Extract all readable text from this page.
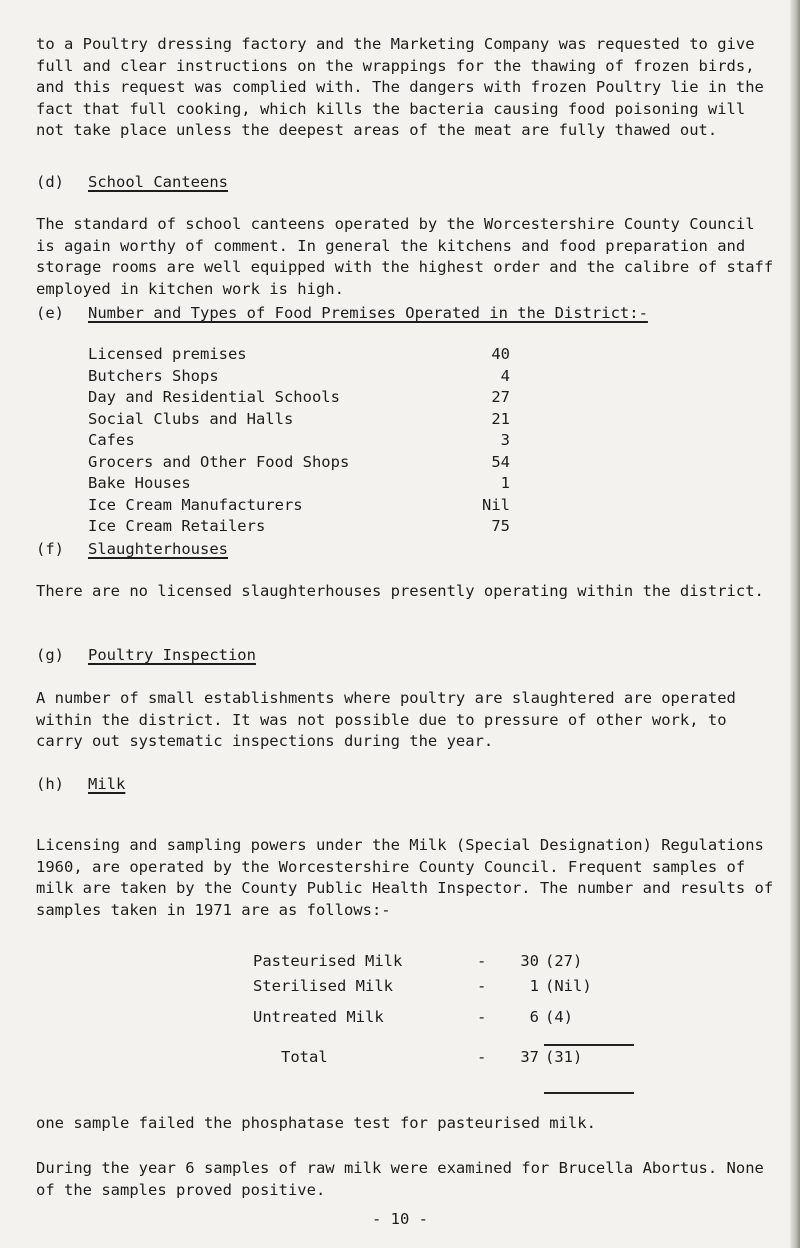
to a Poultry dressing factory and the Marketing Company was requested to give full and clear instructions on the wrappings for the thawing of frozen birds, and this request was complied with. The dangers with frozen Poultry lie in the fact that full cooking, which kills the bacteria causing food poisoning will not take place unless the deepest areas of the meat are fully thawed out.

(d) School Canteens

The standard of school canteens operated by the Worcestershire County Council is again worthy of comment. In general the kitchens and food preparation and storage rooms are well equipped with the highest order and the calibre of staff employed in kitchen work is high.

(e) Number and Types of Food Premises Operated in the District:-
Licensed premises	40
Butchers Shops	4
Day and Residential Schools	27
Social Clubs and Halls	21
Cafes	3
Grocers and Other Food Shops	54
Bake Houses	1
Ice Cream Manufacturers	Nil
Ice Cream Retailers	75
(f) Slaughterhouses

There are no licensed slaughterhouses presently operating within the district.

(g) Poultry Inspection

A number of small establishments where poultry are slaughtered are operated within the district. It was not possible due to pressure of other work, to carry out systematic inspections during the year.

(h) Milk

Licensing and sampling powers under the Milk (Special Designation) Regulations 1960, are operated by the Worcestershire County Council. Frequent samples of milk are taken by the County Public Health Inspector. The number and results of samples taken in 1971 are as follows:-

Pasteurised Milk	-	30 (27)
Sterilised Milk	-	1 (Nil)
Untreated Milk	-	6 (4)
Total	-	37 (31)

one sample failed the phosphatase test for pasteurised milk.

During the year 6 samples of raw milk were examined for Brucella Abortus. None of the samples proved positive.

- 10 -
